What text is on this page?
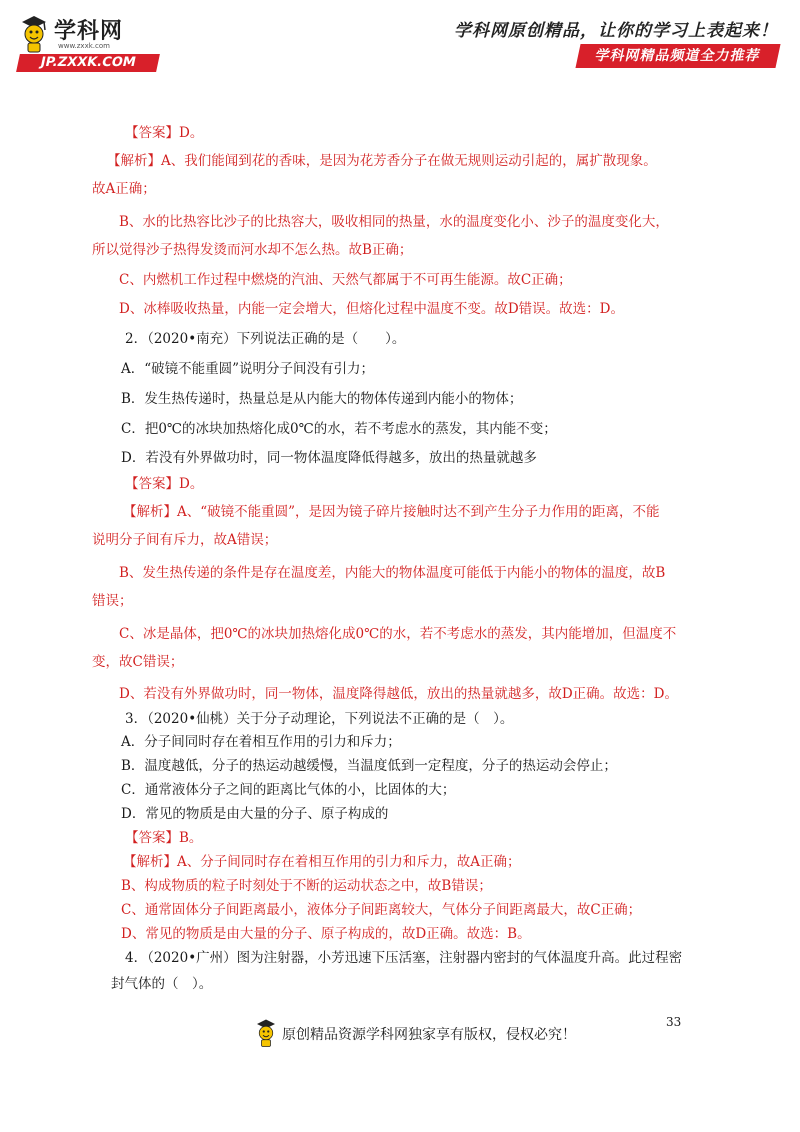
学科网
www.zxxk.com
JP.ZXXK.COM
学科网原创精品，让你的学习上表起来！
学科网精品频道全力推荐
【答案】D。
【解析】A、我们能闻到花的香味，是因为花芳香分子在做无规则运动引起的，属扩散现象。
故A正确；
B、水的比热容比沙子的比热容大，吸收相同的热量，水的温度变化小、沙子的温度变化大，
所以觉得沙子热得发烫而河水却不怎么热。故B正确；
C、内燃机工作过程中燃烧的汽油、天然气都属于不可再生能源。故C正确；
D、冰棒吸收热量，内能一定会增大，但熔化过程中温度不变。故D错误。故选：D。
2．（2020•南充）下列说法正确的是（　　）。
A．“破镜不能重圆”说明分子间没有引力；
B．发生热传递时，热量总是从内能大的物体传递到内能小的物体；
C．把0℃的冰块加热熔化成0℃的水，若不考虑水的蒸发，其内能不变；
D．若没有外界做功时，同一物体温度降低得越多，放出的热量就越多
【答案】D。
【解析】A、“破镜不能重圆”，是因为镜子碎片接触时达不到产生分子力作用的距离，不能
说明分子间有斥力，故A错误；
B、发生热传递的条件是存在温度差，内能大的物体温度可能低于内能小的物体的温度，故B
错误；
C、冰是晶体，把0℃的冰块加热熔化成0℃的水，若不考虑水的蒸发，其内能增加，但温度不
变，故C错误；
D、若没有外界做功时，同一物体，温度降得越低，放出的热量就越多，故D正确。故选：D。
3．（2020•仙桃）关于分子动理论，下列说法不正确的是（　）。
A．分子间同时存在着相互作用的引力和斥力；
B．温度越低，分子的热运动越缓慢，当温度低到一定程度，分子的热运动会停止；
C．通常液体分子之间的距离比气体的小，比固体的大；
D．常见的物质是由大量的分子、原子构成的
【答案】B。
【解析】A、分子间同时存在着相互作用的引力和斥力，故A正确；
B、构成物质的粒子时刻处于不断的运动状态之中，故B错误；
C、通常固体分子间距离最小，液体分子间距离较大，气体分子间距离最大，故C正确；
D、常见的物质是由大量的分子、原子构成的，故D正确。故选：B。
4．（2020•广州）图为注射器，小芳迅速下压活塞，注射器内密封的气体温度升高。此过程密
封气体的（　）。
33
原创精品资源学科网独家享有版权，侵权必究！
